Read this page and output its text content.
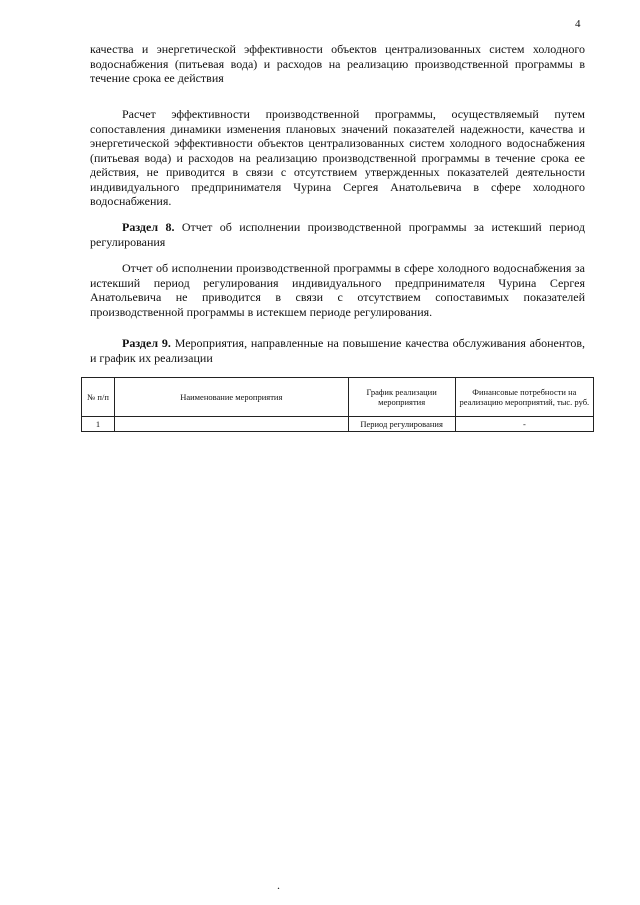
4

качества и энергетической эффективности объектов централизованных систем холодного водоснабжения (питьевая вода) и расходов на реализацию производственной программы в течение срока ее действия

Расчет эффективности производственной программы, осуществляемый путем сопоставления динамики изменения плановых значений показателей надежности, качества и энергетической эффективности объектов централизованных систем холодного водоснабжения (питьевая вода) и расходов на реализацию производственной программы в течение срока ее действия, не приводится в связи с отсутствием утвержденных показателей деятельности индивидуального предпринимателя Чурина Сергея Анатольевича в сфере холодного водоснабжения.

Раздел 8. Отчет об исполнении производственной программы за истекший период регулирования

Отчет об исполнении производственной программы в сфере холодного водоснабжения за истекший период регулирования индивидуального предпринимателя Чурина Сергея Анатольевича не приводится в связи с отсутствием сопоставимых показателей производственной программы в истекшем периоде регулирования.

Раздел 9. Мероприятия, направленные на повышение качества обслуживания абонентов, и график их реализации

№ п/п	Наименование мероприятия	График реализации мероприятия	Финансовые потребности на реализацию мероприятий, тыс. руб.
1		Период регулирования	-
.
